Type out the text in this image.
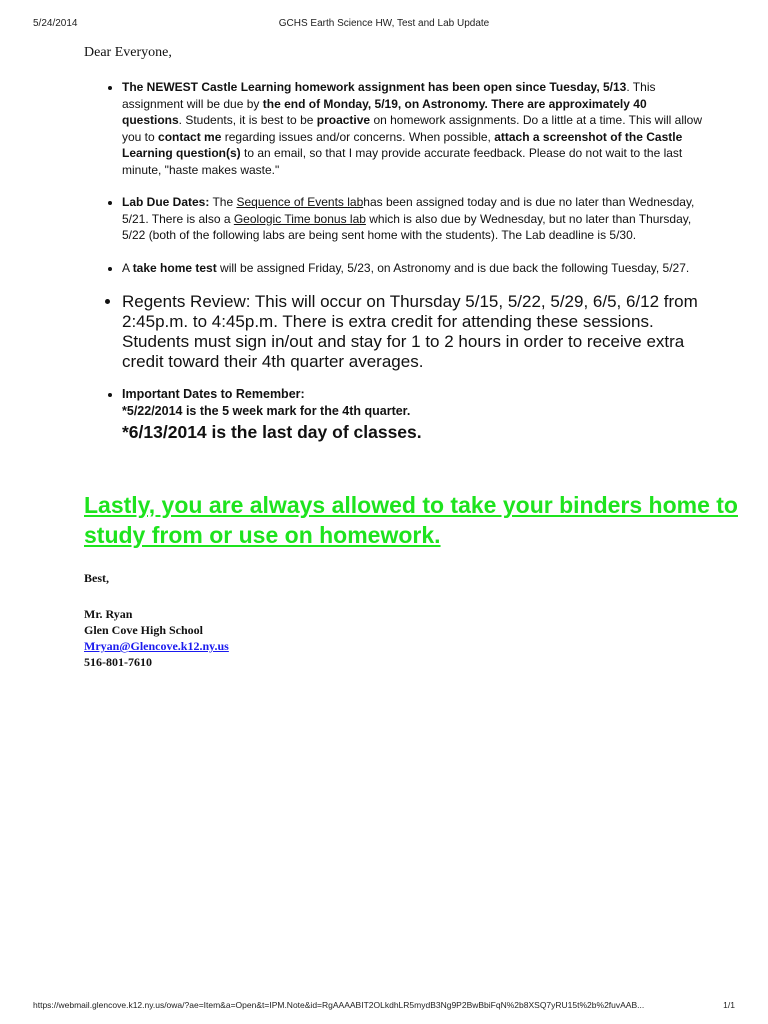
5/24/2014	GCHS Earth Science HW, Test and Lab Update

Dear Everyone,

• The NEWEST Castle Learning homework assignment has been open since Tuesday, 5/13. This assignment will be due by the end of Monday, 5/19, on Astronomy. There are approximately 40 questions. Students, it is best to be proactive on homework assignments. Do a little at a time. This will allow you to contact me regarding issues and/or concerns. When possible, attach a screenshot of the Castle Learning question(s) to an email, so that I may provide accurate feedback. Please do not wait to the last minute, "haste makes waste."
• Lab Due Dates: The Sequence of Events labhas been assigned today and is due no later than Wednesday, 5/21. There is also a Geologic Time bonus lab which is also due by Wednesday, but no later than Thursday, 5/22 (both of the following labs are being sent home with the students). The Lab deadline is 5/30.
• A take home test will be assigned Friday, 5/23, on Astronomy and is due back the following Tuesday, 5/27.
• Regents Review: This will occur on Thursday 5/15, 5/22, 5/29, 6/5, 6/12 from 2:45p.m. to 4:45p.m. There is extra credit for attending these sessions. Students must sign in/out and stay for 1 to 2 hours in order to receive extra credit toward their 4th quarter averages.
• Important Dates to Remember:
*5/22/2014 is the 5 week mark for the 4th quarter.
*6/13/2014 is the last day of classes.
Lastly, you are always allowed to take your binders home to study from or use on homework.
Best,
Mr. Ryan
Glen Cove High School
Mryan@Glencove.k12.ny.us
516-801-7610
https://webmail.glencove.k12.ny.us/owa/?ae=Item&a=Open&t=IPM.Note&id=RgAAAABIT2OLkdhLR5mydB3Ng9P2BwBbiFqN%2b8XSQ7yRU15t%2b%2fuvAAB...	1/1
